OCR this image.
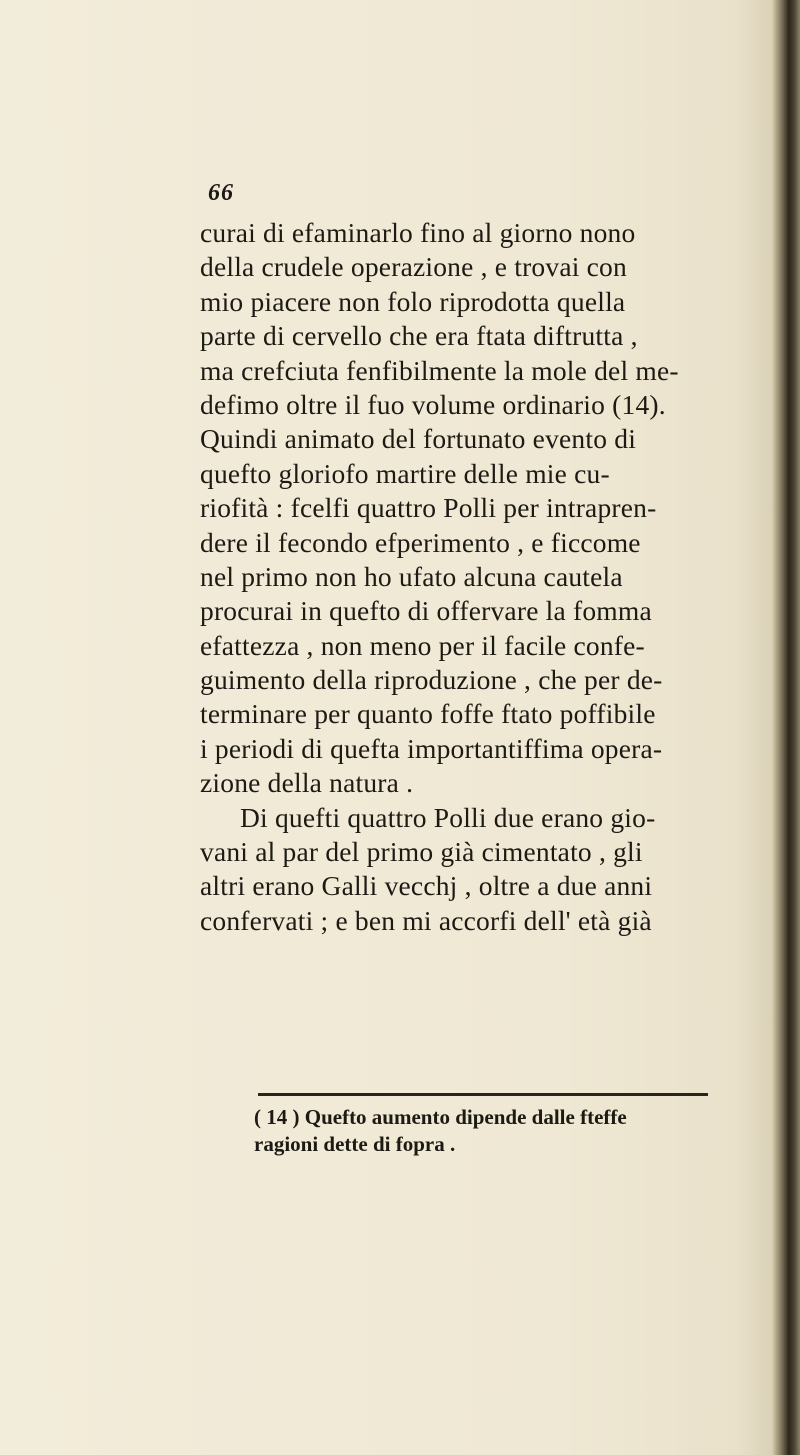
66
curai di efaminarlo fino al giorno nono
della crudele operazione , e trovai con
mio piacere non folo riprodotta quella
parte di cervello che era ftata diftrutta ,
ma crefciuta fenfibilmente la mole del me-
defimo oltre il fuo volume ordinario (14).
Quindi animato del fortunato evento di
quefto gloriofo martire delle mie cu-
riofità : fcelfi quattro Polli per intrapren-
dere il fecondo efperimento , e ficcome
nel primo non ho ufato alcuna cautela
procurai in quefto di offervare la fomma
efattezza , non meno per il facile confe-
guimento della riproduzione , che per de-
terminare per quanto foffe ftato poffibile
i periodi di quefta importantiffima opera-
zione della natura .
Di quefti quattro Polli due erano gio-
vani al par del primo già cimentato , gli
altri erano Galli vecchj , oltre a due anni
confervati ; e ben mi accorfi dell' età già
( 14 ) Quefto aumento dipende dalle fteffe
ragioni dette di fopra .
